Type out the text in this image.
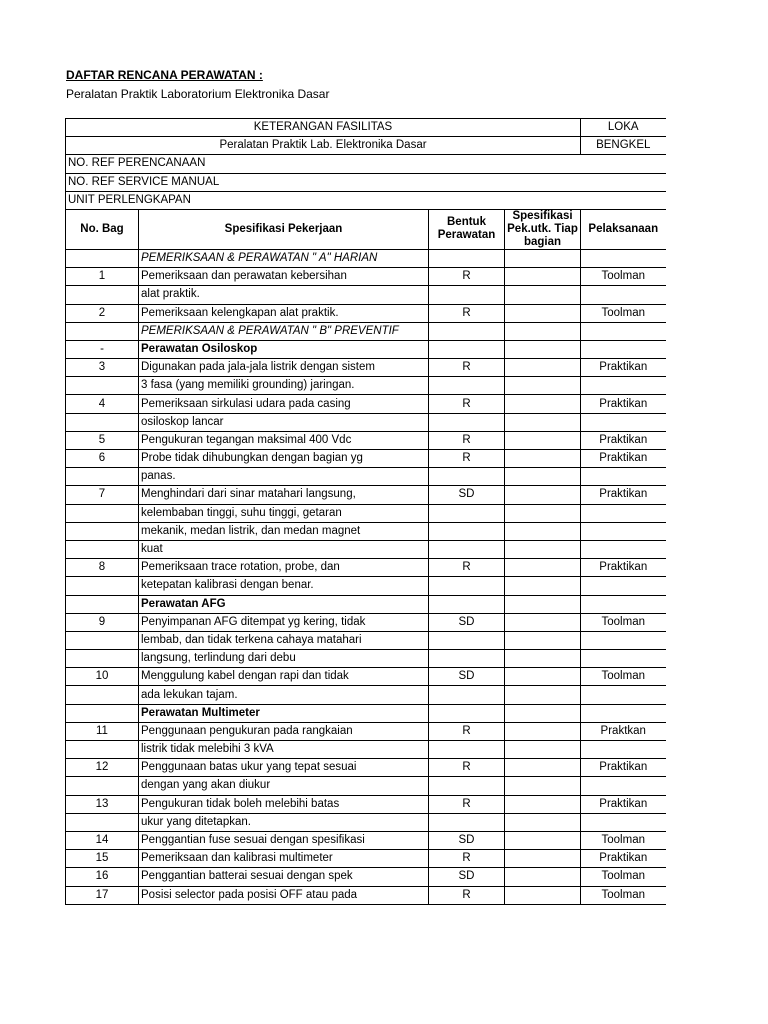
DAFTAR RENCANA PERAWATAN :
Peralatan Praktik Laboratorium Elektronika Dasar
KETERANGAN FASILITAS				LOKA
Peralatan Praktik Lab. Elektronika Dasar				BENGKEL
NO. REF PERENCANAAN				
NO. REF SERVICE MANUAL				
UNIT PERLENGKAPAN				
No. Bag	Spesifikasi Pekerjaan	Bentuk Perawatan	Spesifikasi Pek.utk. Tiap bagian	Pelaksanaan
	PEMERIKSAAN & PERAWATAN " A" HARIAN			
1	Pemeriksaan dan perawatan kebersihan	R		Toolman
	alat praktik.			
2	Pemeriksaan kelengkapan alat praktik.	R		Toolman
	PEMERIKSAAN & PERAWATAN " B" PREVENTIF			
-	Perawatan Osiloskop			
3	Digunakan pada jala-jala listrik dengan sistem	R		Praktikan
	3 fasa (yang memiliki grounding) jaringan.			
4	Pemeriksaan sirkulasi udara pada casing	R		Praktikan
	osiloskop lancar			
5	Pengukuran tegangan maksimal 400 Vdc	R		Praktikan
6	Probe tidak dihubungkan dengan bagian yg	R		Praktikan
	panas.			
7	Menghindari dari sinar matahari langsung,	SD		Praktikan
	kelembaban tinggi, suhu tinggi, getaran			
	mekanik, medan listrik, dan medan magnet			
	kuat			
8	Pemeriksaan trace rotation, probe, dan	R		Praktikan
	ketepatan kalibrasi dengan benar.			
	Perawatan AFG			
9	Penyimpanan AFG ditempat yg kering, tidak	SD		Toolman
	lembab, dan tidak terkena cahaya matahari			
	langsung, terlindung dari debu			
10	Menggulung kabel dengan rapi dan tidak	SD		Toolman
	ada lekukan tajam.			
	Perawatan Multimeter			
11	Penggunaan pengukuran pada rangkaian	R		Praktkan
	listrik tidak melebihi 3 kVA			
12	Penggunaan batas ukur yang tepat sesuai	R		Praktikan
	dengan yang akan diukur			
13	Pengukuran tidak boleh melebihi batas	R		Praktikan
	ukur yang ditetapkan.			
14	Penggantian fuse sesuai dengan spesifikasi	SD		Toolman
15	Pemeriksaan dan kalibrasi multimeter	R		Praktikan
16	Penggantian batterai sesuai dengan spek	SD		Toolman
17	Posisi selector pada posisi OFF atau pada	R		Toolman
